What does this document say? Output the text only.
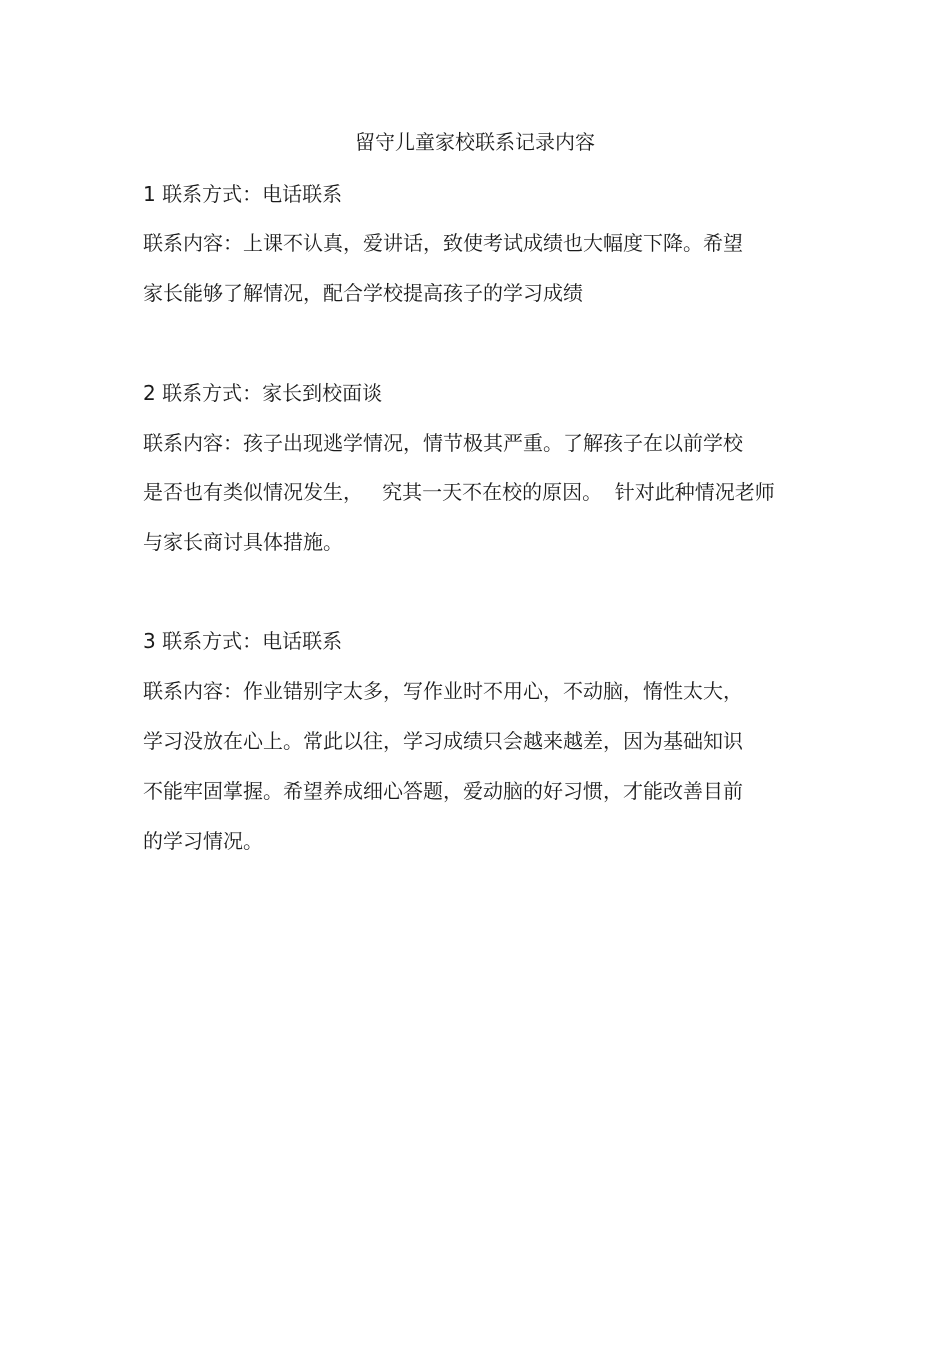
留守儿童家校联系记录内容
1 联系方式：电话联系
联系内容：上课不认真，爱讲话，致使考试成绩也大幅度下降。希望
家长能够了解情况，配合学校提高孩子的学习成绩
2 联系方式：家长到校面谈
联系内容：孩子出现逃学情况，情节极其严重。了解孩子在以前学校
是否也有类似情况发生，   究其一天不在校的原因。  针对此种情况老师
与家长商讨具体措施。
3 联系方式：电话联系
联系内容：作业错别字太多，写作业时不用心，不动脑，惰性太大，
学习没放在心上。常此以往，学习成绩只会越来越差，因为基础知识
不能牢固掌握。希望养成细心答题，爱动脑的好习惯，才能改善目前
的学习情况。
